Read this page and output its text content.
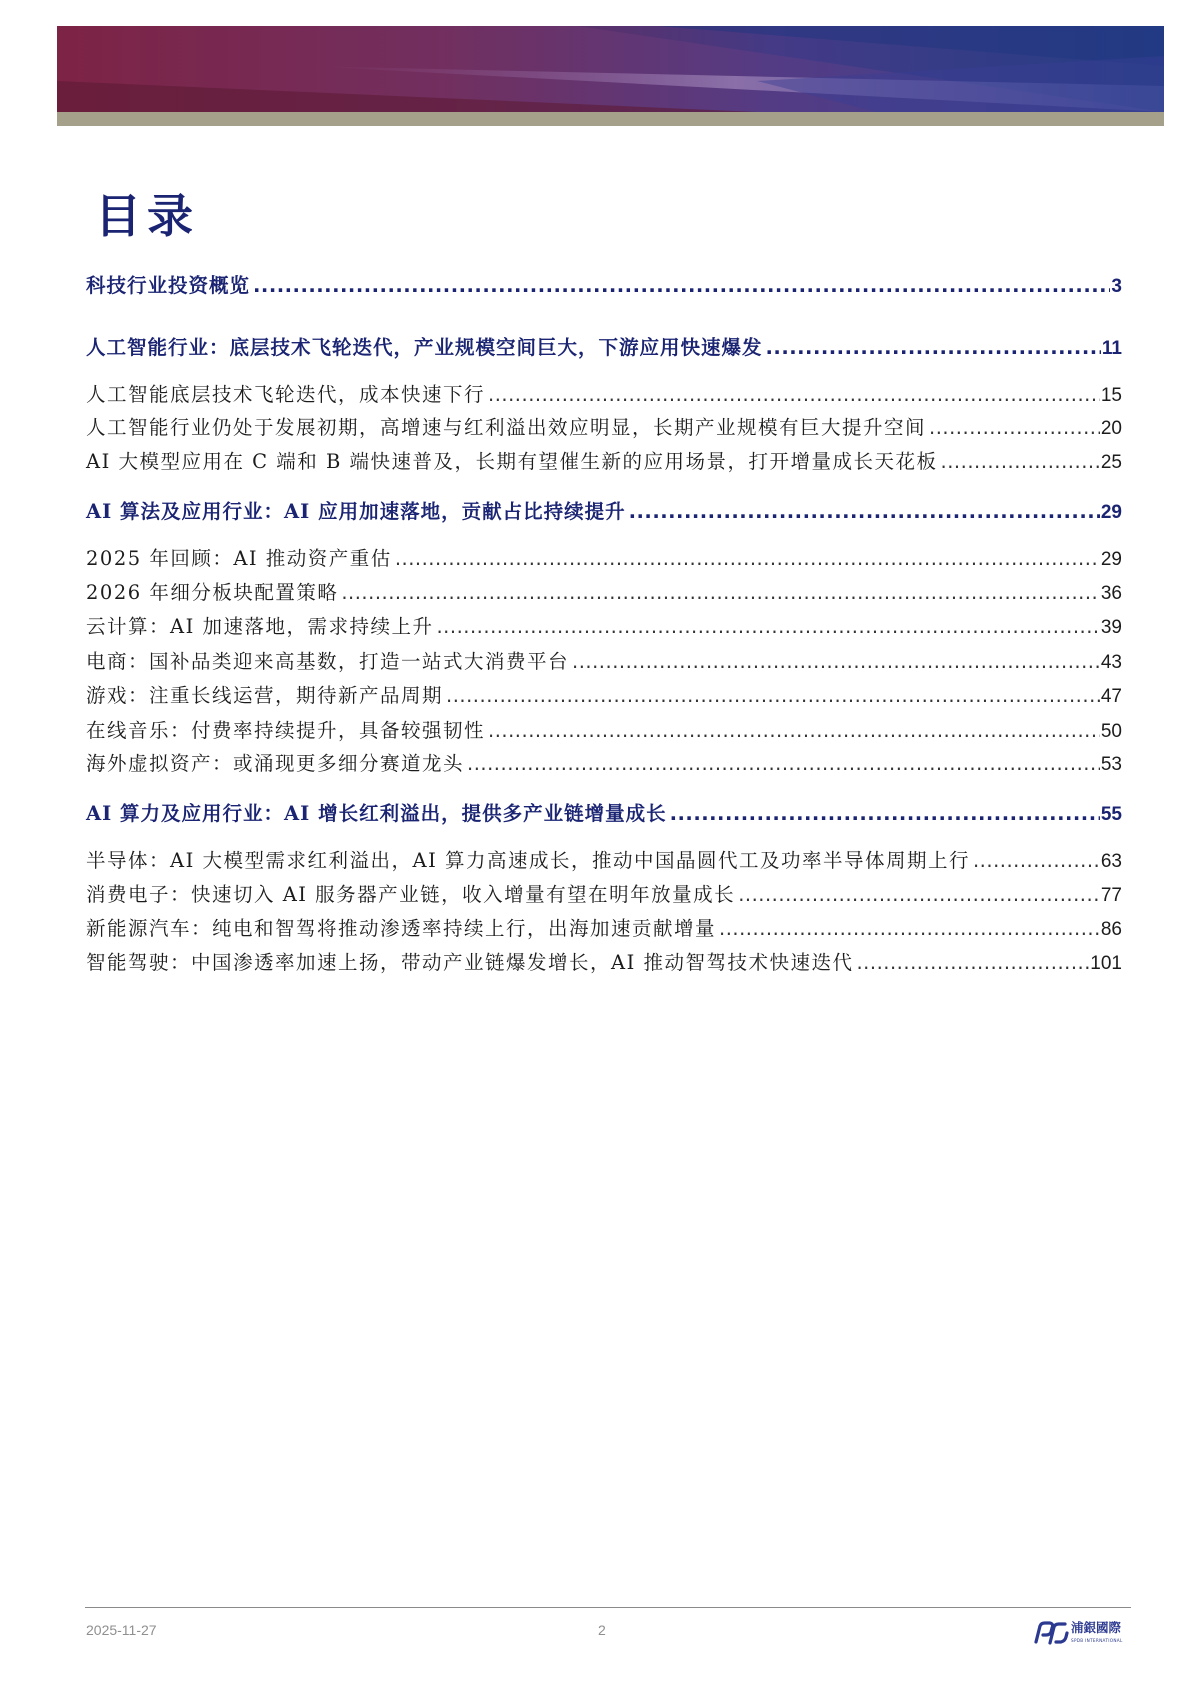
目录
科技行业投资概览 .....	3
人工智能行业：底层技术飞轮迭代，产业规模空间巨大，下游应用快速爆发 .....	11
人工智能底层技术飞轮迭代，成本快速下行 .....	15
人工智能行业仍处于发展初期，高增速与红利溢出效应明显，长期产业规模有巨大提升空间 .....	20
AI 大模型应用在 C 端和 B 端快速普及，长期有望催生新的应用场景，打开增量成长天花板 .....	25
AI 算法及应用行业：AI 应用加速落地，贡献占比持续提升 .....	29
2025 年回顾：AI 推动资产重估 .....	29
2026 年细分板块配置策略 .....	36
云计算：AI 加速落地，需求持续上升 .....	39
电商：国补品类迎来高基数，打造一站式大消费平台 .....	43
游戏：注重长线运营，期待新产品周期 .....	47
在线音乐：付费率持续提升，具备较强韧性 .....	50
海外虚拟资产：或涌现更多细分赛道龙头 .....	53
AI 算力及应用行业：AI 增长红利溢出，提供多产业链增量成长 .....	55
半导体：AI 大模型需求红利溢出，AI 算力高速成长，推动中国晶圆代工及功率半导体周期上行 .....	63
消费电子：快速切入 AI 服务器产业链，收入增量有望在明年放量成长 .....	77
新能源汽车：纯电和智驾将推动渗透率持续上行，出海加速贡献增量 .....	86
智能驾驶：中国渗透率加速上扬，带动产业链爆发增长，AI 推动智驾技术快速迭代 .....	101
2025-11-27	2	浦銀國際
SPDB INTERNATIONAL
